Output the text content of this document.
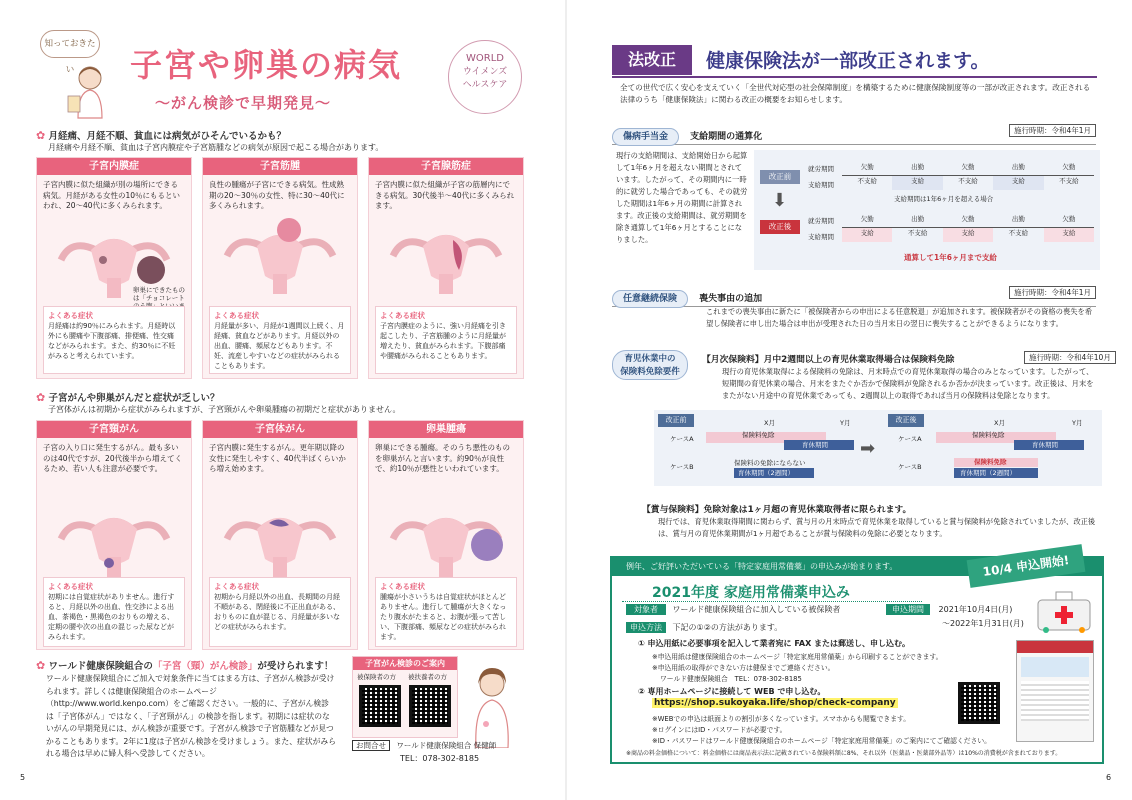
知っておきたい	子宮や卵巣の病気
〜がん検診で早期発見〜
WORLD
ウイメンズ
ヘルスケア
✿ 月経痛、月経不順、貧血には病気がひそんでいるかも？
月経痛や月経不順、貧血は子宮内膜症や子宮筋腫などの病気が原因で起こる場合があります。
子宮内膜症
子宮内膜に似た組織が別の場所にできる病気。月経がある女性の10％にもるといわれ、20〜40代に多くみられます。
卵巣にできたものは「チョコレート
よくある症状
月経痛は約90％にみられます。月経時以外にも腰痛や下腹部痛、排便痛、性交痛などがみられます。また、約30％に不妊がみると考えられています。
子宮筋腫
良性の腫瘍が子宮にできる病気。性成熟期の20〜30％の女性、特に30〜40代に多くみられます。
よくある症状
月経量が多い、月経が1週間以上続く、月経痛、貧血などがあります。月経以外の出血、腰痛、頻尿などもあります。不妊、流産しやすいなどの症状がみられることもあります。
子宮腺筋症
子宮内膜に似た組織が子宮の筋層内にできる病気。30代後半〜40代に多くみられます。
よくある症状
子宮内膜症のように、強い月経痛を引き起こしたり、子宮筋腫のように月経量が増えたり、貧血がみられます。下腹部痛や腰痛がみられることもあります。
✿ 子宮がんや卵巣がんだと症状が乏しい？
子宮体がんは初期から症状がみられますが、子宮頸がんや卵巣腫瘍の初期だと症状がありません。
子宮頸がん
子宮の入り口に発生するがん。最も多いのは40代ですが、20代後半から増えてくるため、若い人も注意が必要です。
よくある症状
初期には自覚症状がありません。進行すると、月経以外の出血、性交渉による出血、茶褐色・黒褐色のおりもの増える、定期の腰や次の出血の混じった尿などがみられます。
子宮体がん
子宮内膜に発生するがん。更年期以降の女性に発生しやすく、40代半ばくらいから増え始めます。
よくある症状
初期から月経以外の出血、長期間の月経不順がある、閉経後に不正出血がある、おりものに血が混じる、月経量が多いなどの症状がみられます。
卵巣腫瘍
卵巣にできる腫瘍。そのうち悪性のものを卵巣がんと言います。約90％が良性で、約10％が悪性といわれています。
よくある症状
腫瘍が小さいうちは自覚症状がほとんどありません。進行して腫瘍が大きくなったり腹水がたまると、お腹が張って苦しい、下腹部痛、頻尿などの症状がみられます。
✿ ワールド健康保険組合の「子宮（頸）がん検診」が受けられます！
ワールド健康保険組合にご加入で対象条件に当てはまる方は、子宮がん検診が受けられます。詳しくは健康保険組合のホームページ（http://www.world.kenpo.com）をご確認ください。一般的に、子宮がん検診は「子宮体がん」ではなく、「子宮頸がん」の検診を指します。初期には症状のないがんの早期発見には、がん検診が重要です。子宮がん検診で子宮筋腫などが見つかることもあります。2年に1度は子宮がん検診を受けましょう。また、症状がみられる場合は早めに婦人科へ受診してください。
子宮がん検診のご案内
被保険者の方 被扶養者の方
お問合せ ワールド健康保険組合 保健師
TEL：078-302-8185
5
法改正	健康保険法が一部改正されます。
全ての世代で広く安心を支えていく「全世代対応型の社会保障制度」を構築するために健康保険制度等の一部が改正されます。改正される法律のうち「健康保険法」に関わる改正の概要をお知らせします。
傷病手当金 支給期間の通算化
施行時期：令和4年1月
現行の支給期間は、支給開始日から起算して1年6ヶ月を超えない期間とされています。したがって、その期間内に一時的に就労した場合であっても、その就労した期間は1年6ヶ月の期間に計算されます。改正後の支給期間は、就労期間を除き通算して1年6ヶ月とすることになりました。
改正前
⬇
改正後
就労期間
支給期間
就労期間
支給期間
欠勤	出勤	欠勤	出勤	欠勤
不支給	支給	不支給	支給	不支給
支給期間は1年6ヶ月を超える場合
欠勤	出勤	欠勤	出勤	欠勤
支給	不支給	支給	不支給	支給
通算して1年6ヶ月まで支給
任意継続保険 喪失事由の追加
施行時期：令和4年1月
これまでの喪失事由に新たに「被保険者からの申出による任意脱退」が追加されます。被保険者がその資格の喪失を希望し保険者に申し出た場合は申出が受理された日の当月末日の翌日に喪失することができるようになります。
育児休業中の
保険料免除要件
【月次保険料】月中2週間以上の育児休業取得場合は保険料免除	施行時期：令和4年10月
現行の育児休業取得による保険料の免除は、月末時点での育児休業取得の場合のみとなっています。したがって、短期間の育児休業の場合、月末をまたぐか否かで保険料が免除されるか否かが決まっています。改正後は、月末をまたがない月途中の育児休業であっても、2週間以上の取得であれば当月の保険料は免除となります。
改正前	X月	Y月
ケースA	保険料免除
育休期間
ケースB	保険料の免除にならない
育休期間（2週間）
➡
改正後	X月	Y月
ケースA	保険料免除
育休期間
ケースB
保険料免除
育休期間（2週間）
【賞与保険料】免除対象は1ヶ月超の育児休業取得者に限られます。
現行では、育児休業取得期間に関わらず、賞与月の月末時点で育児休業を取得していると賞与保険料が免除されていましたが、改正後は、賞与月の育児休業期間が1ヶ月超であることが賞与保険料の免除に必要となります。
例年、ご好評いただいている「特定家庭用常備薬」の申込みが始まります。	10/4 申込開始!
2021年度 家庭用常備薬申込み
対象者 ワールド健康保険組合に加入している被保険者	申込期間 2021年10月4日(月)
〜2022年1月31日(月)
申込方法 下記の①②の方法があります。
① 申込用紙に必要事項を記入して業者宛に FAX または郵送し、申し込む。
※申込用紙は健康保険組合のホームページ「特定家庭用常備薬」から印刷することができます。
※申込用紙の取得ができない方は健保までご連絡ください。
ワールド健康保険組合　TEL：078-302-8185
② 専用ホームページに接続して WEB で申し込む。
https://shop.sukoyaka.life/shop/check-company
※WEBでの申込は紙面よりの割引が多くなっています。スマホからも閲覧できます。
※ログインにはID・パスワードが必要です。
※ID・パスワードはワールド健康保険組合のホームページ「特定家庭用常備薬」のご案内にてご確認ください。
※商品の料金価格について：料金価格には商品表示法に記載されている保険料額に8%、それ以外（医薬品・医薬部外品等）は10%の消費税が含まれております。
6
